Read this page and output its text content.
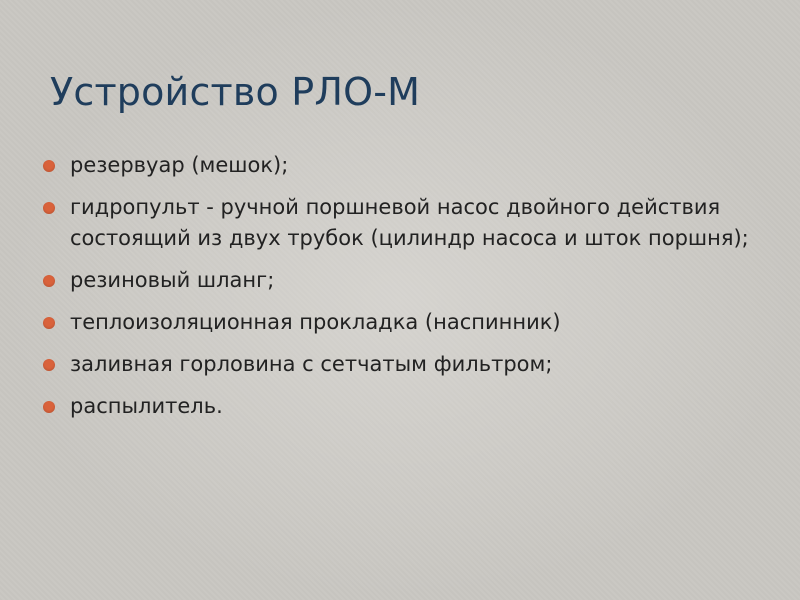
Устройство РЛО-М
резервуар (мешок);
гидропульт - ручной поршневой насос двойного действия состоящий из двух трубок (цилиндр насоса и шток поршня);
резиновый шланг;
теплоизоляционная прокладка (наспинник)
заливная горловина с сетчатым фильтром;
распылитель.
